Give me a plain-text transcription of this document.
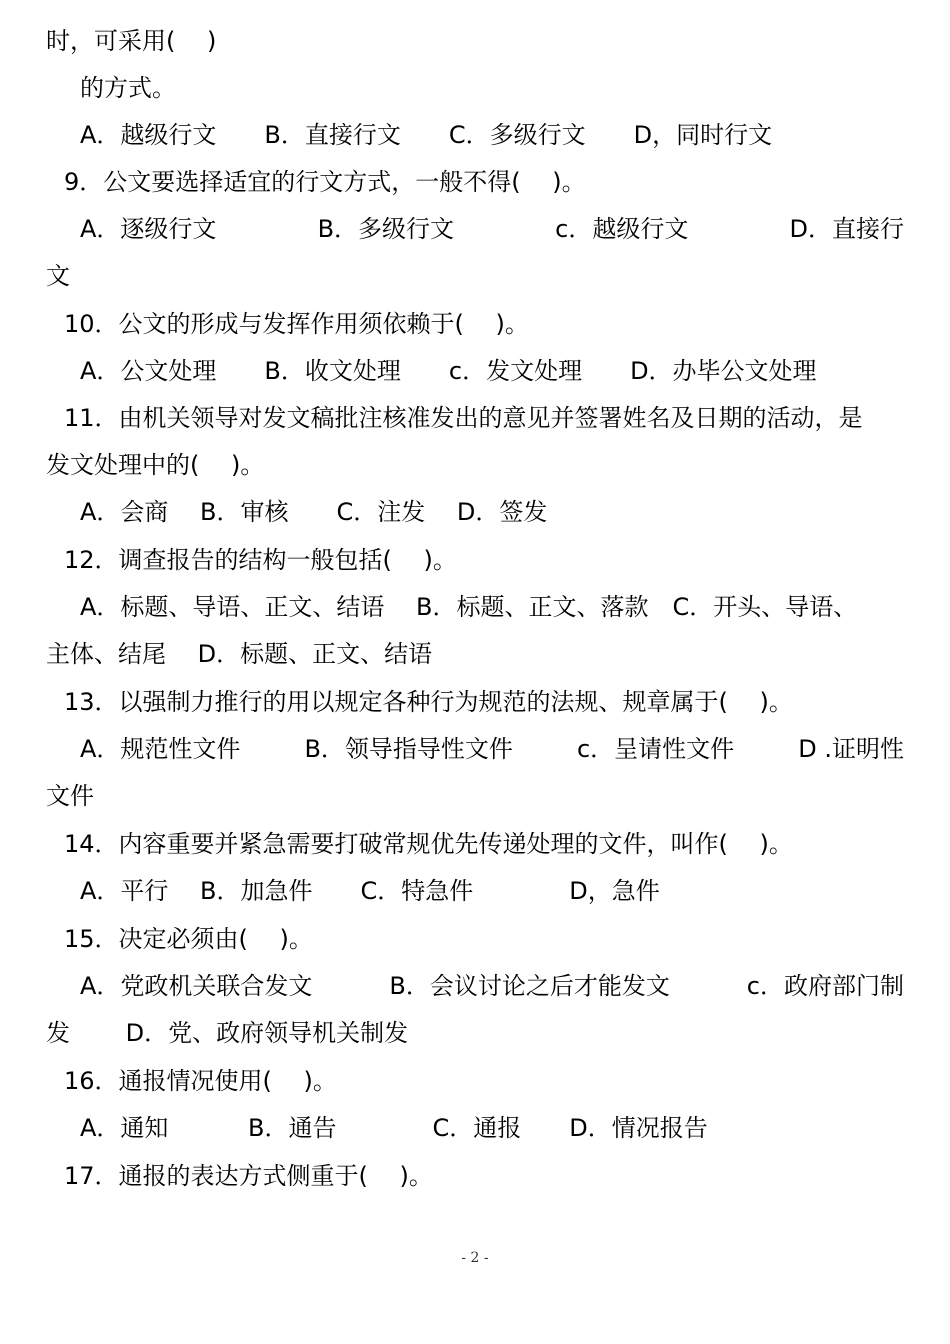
时，可采用(　 )
的方式。
A．越级行文　　B．直接行文　　C．多级行文　　D，同时行文
9．公文要选择适宜的行文方式，一般不得(　 )。
A．逐级行文	B．多级行文	c．越级行文	D．直接行
文
10．公文的形成与发挥作用须依赖于(　 )。
A．公文处理　　B．收文处理　　c．发文处理　　D．办毕公文处理
11．由机关领导对发文稿批注核准发出的意见并签署姓名及日期的活动，是
发文处理中的(　 )。
A．会商　 B．审核　　C．注发　 D．签发
12．调查报告的结构一般包括(　 )。
A．标题、导语、正文、结语　 B．标题、正文、落款　C．开头、导语、
主体、结尾　 D．标题、正文、结语
13．以强制力推行的用以规定各种行为规范的法规、规章属于(　 )。
A．规范性文件	B．领导指导性文件	c．呈请性文件	D .证明性
文件
14．内容重要并紧急需要打破常规优先传递处理的文件，叫作(　 )。
A．平行　 B．加急件　　C．特急件　　　　D，急件
15．决定必须由(　 )。
A．党政机关联合发文	B．会议讨论之后才能发文	c．政府部门制
发　　 D．党、政府领导机关制发
16．通报情况使用(　 )。
A．通知　　　 B．通告　　　　C．通报　　D．情况报告
17．通报的表达方式侧重于(　 )。
- 2 -
